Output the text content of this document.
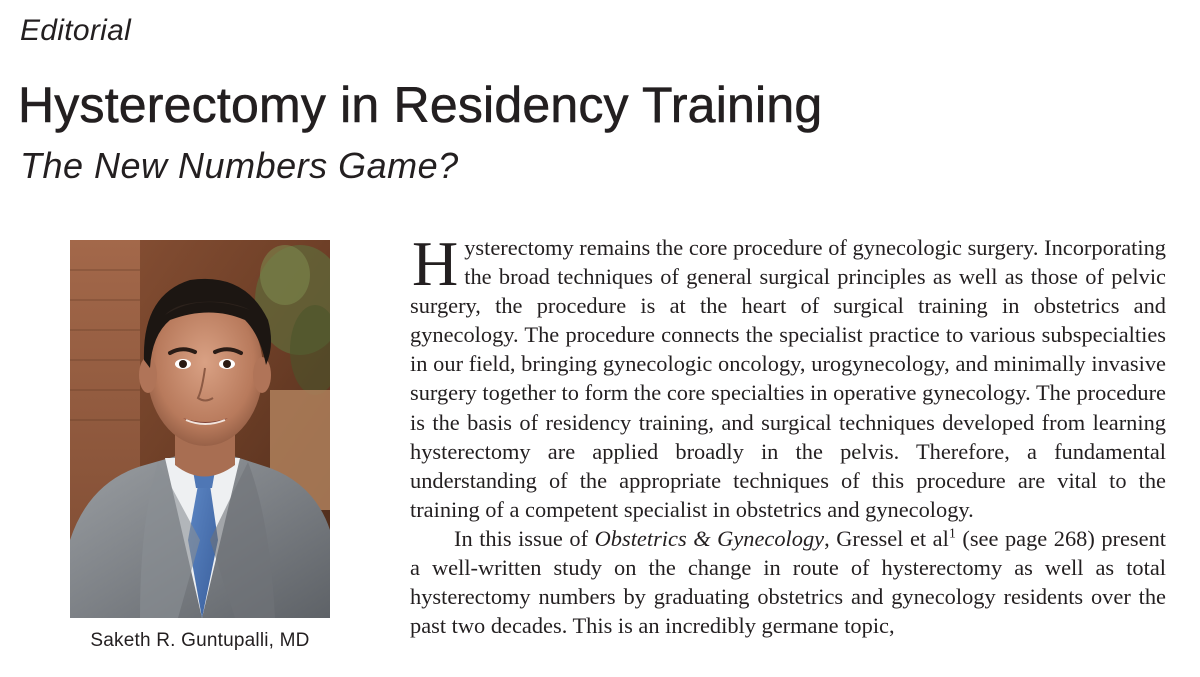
Editorial
Hysterectomy in Residency Training
The New Numbers Game?
Saketh R. Guntupalli, MD

Hysterectomy remains the core procedure of gynecologic surgery. Incorporating the broad techniques of general surgical principles as well as those of pelvic surgery, the procedure is at the heart of surgical training in obstetrics and gynecology. The procedure connects the specialist practice to various subspecialties in our field, bringing gynecologic oncology, urogynecology, and minimally invasive surgery together to form the core specialties in operative gynecology. The procedure is the basis of residency training, and surgical techniques developed from learning hysterectomy are applied broadly in the pelvis. Therefore, a fundamental understanding of the appropriate techniques of this procedure are vital to the training of a competent specialist in obstetrics and gynecology.

In this issue of Obstetrics & Gynecology, Gressel et $al^1$ (see page 268) present a well-written study on the change in route of hysterectomy as well as total hysterectomy numbers by graduating obstetrics and gynecology residents over the past two decades. This is an incredibly germane topic,
